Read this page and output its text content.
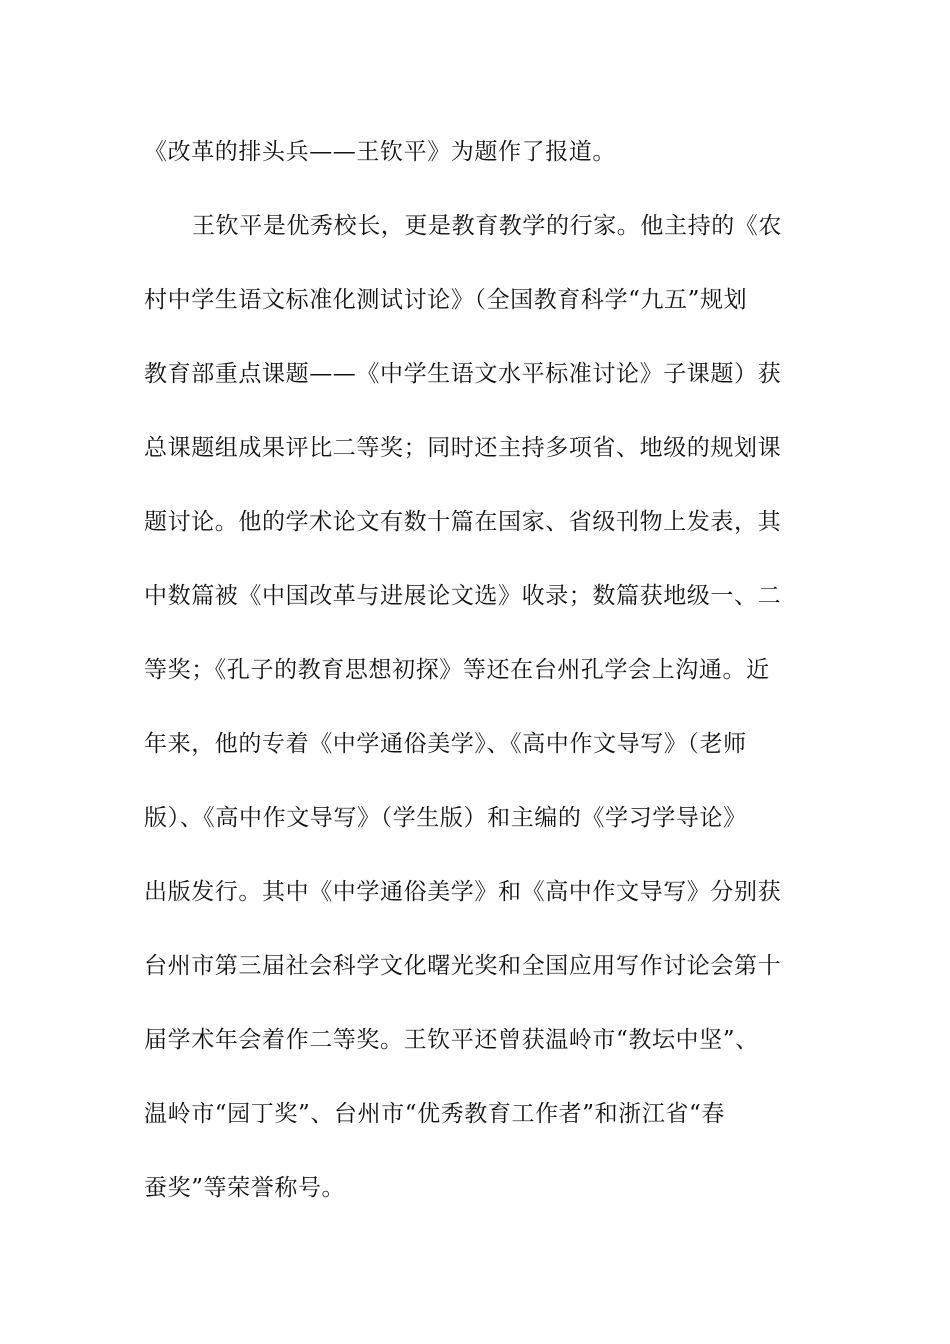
《改革的排头兵——王钦平》为题作了报道。
王钦平是优秀校长，更是教育教学的行家。他主持的《农
村中学生语文标准化测试讨论》（全国教育科学“九五”规划
教育部重点课题——《中学生语文水平标准讨论》子课题）获
总课题组成果评比二等奖；同时还主持多项省、地级的规划课
题讨论。他的学术论文有数十篇在国家、省级刊物上发表，其
中数篇被《中国改革与进展论文选》收录；数篇获地级一、二
等奖；《孔子的教育思想初探》等还在台州孔学会上沟通。近
年来，他的专着《中学通俗美学》、《高中作文导写》（老师
版）、《高中作文导写》（学生版）和主编的《学习学导论》
出版发行。其中《中学通俗美学》和《高中作文导写》分别获
台州市第三届社会科学文化曙光奖和全国应用写作讨论会第十
届学术年会着作二等奖。王钦平还曾获温岭市“教坛中坚”、
温岭市“园丁奖”、台州市“优秀教育工作者”和浙江省“春
蚕奖”等荣誉称号。
